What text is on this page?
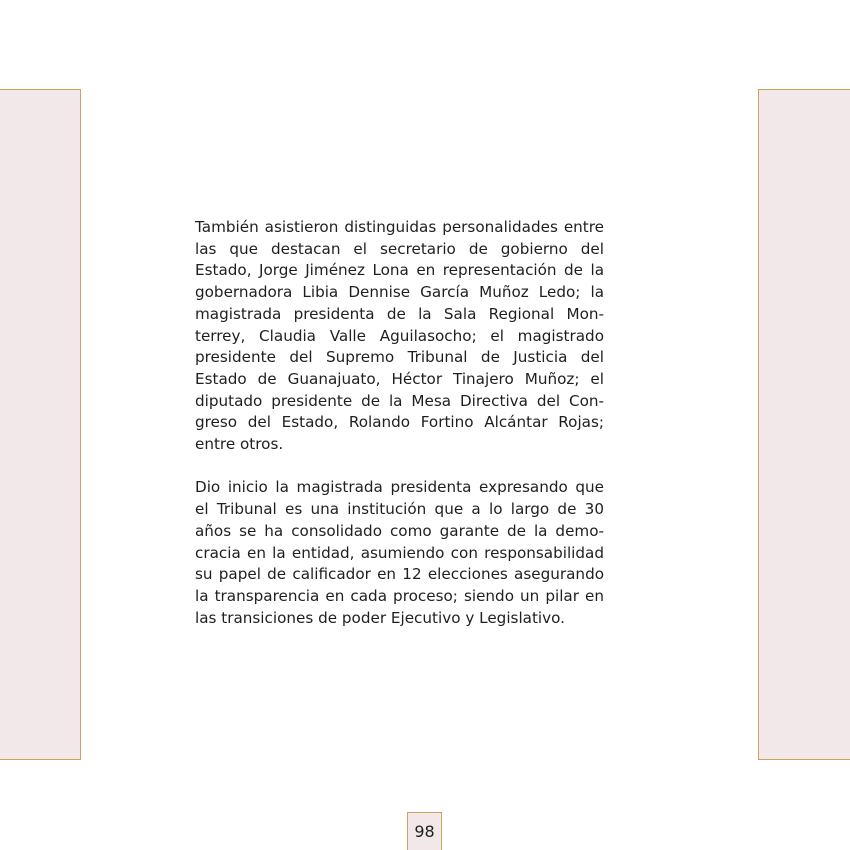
También asistieron distinguidas personalidades entre las que destacan el secretario de gobierno del Estado, Jorge Jiménez Lona en representación de la gobernadora Libia Dennise García Muñoz Ledo; la magistrada presidenta de la Sala Regional Monterrey, Claudia Valle Aguilasocho; el magistrado presidente del Supremo Tribunal de Justicia del Estado de Guanajuato, Héctor Tinajero Muñoz; el diputado presidente de la Mesa Directiva del Congreso del Estado, Rolando Fortino Alcántar Rojas; entre otros.

Dio inicio la magistrada presidenta expresando que el Tribunal es una institución que a lo largo de 30 años se ha consolidado como garante de la democracia en la entidad, asumiendo con responsabilidad su papel de calificador en 12 elecciones asegurando la transparencia en cada proceso; siendo un pilar en las transiciones de poder Ejecutivo y Legislativo.

98
